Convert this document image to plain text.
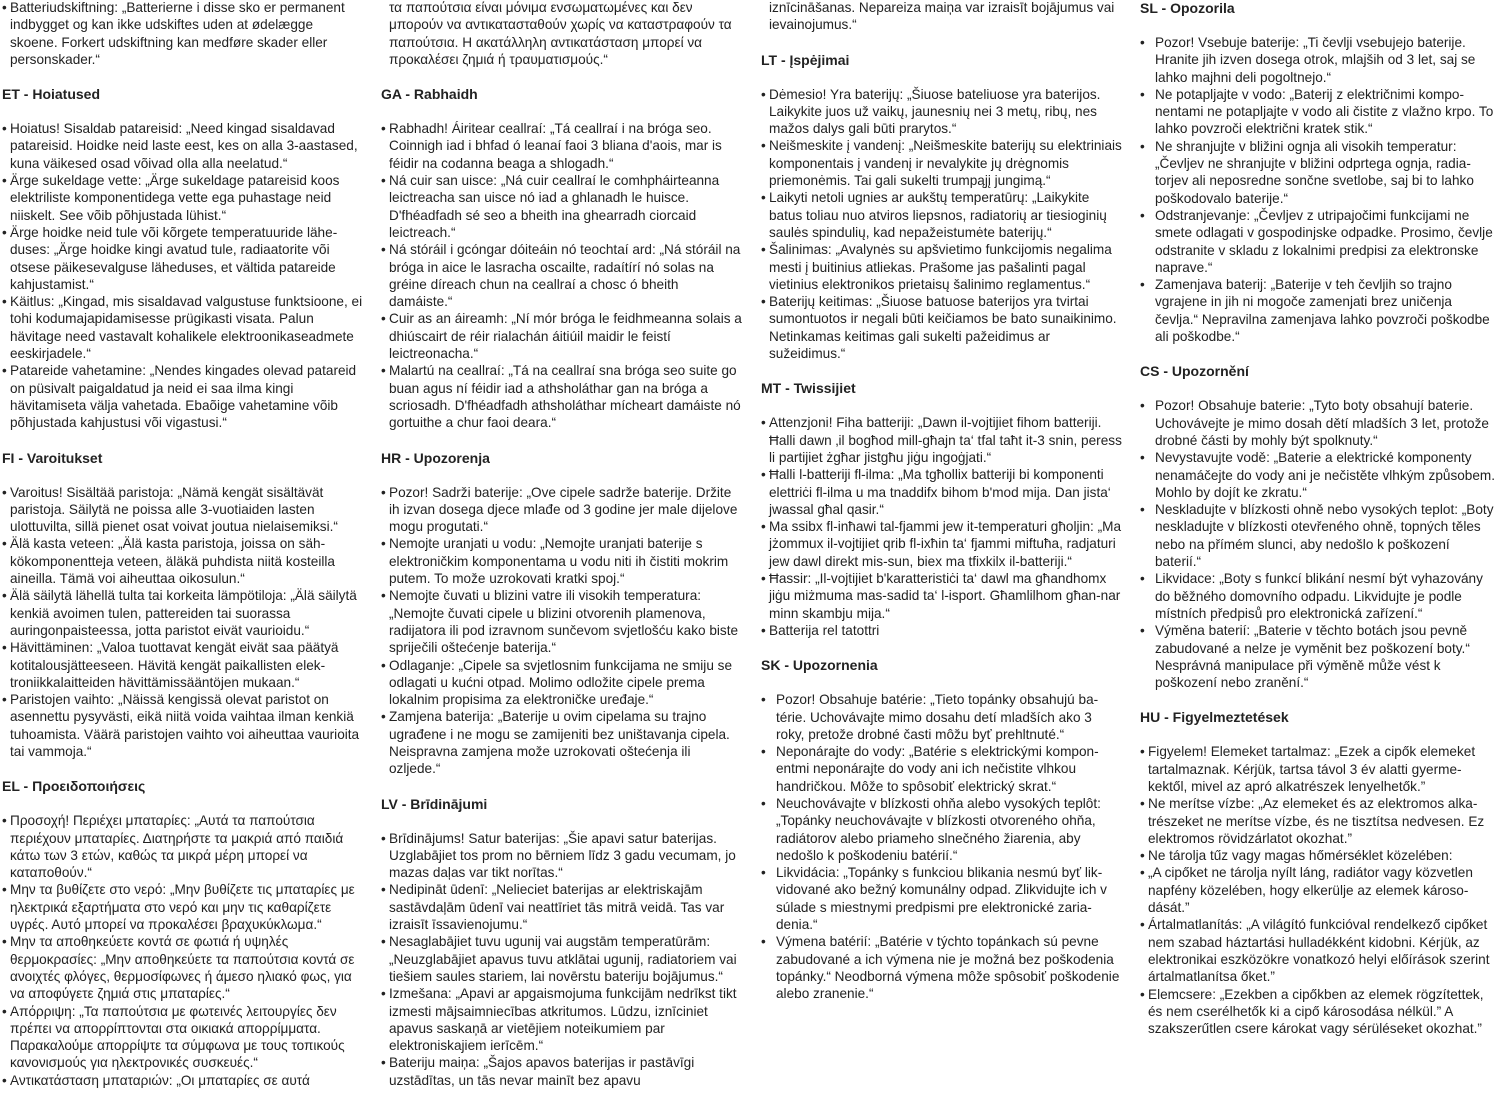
• Batteriudskiftning: „Batterierne i disse sko er permanent indbygget og kan ikke udskiftes uden at ødelægge skoene. Forkert udskiftning kan medføre skader eller personskader.“
ET - Hoiatused
• Hoiatus! Sisaldab patareisid: „Need kingad sisaldavad patareisid. Hoidke neid laste eest, kes on alla 3-aastased, kuna väikesed osad võivad olla alla neelatud.“
• Ärge sukeldage vette: „Ärge sukeldage patareisid koos elektriliste komponentidega vette ega puhastage neid niiskelt. See võib põhjustada lühist.“
• Ärge hoidke neid tule või kõrgete temperatuuride läheduses: „Ärge hoidke kingi avatud tule, radiaatorite või otsese päikesevalguse läheduses, et vältida patareide kahjustamist.“
• Käitlus: „Kingad, mis sisaldavad valgustuse funktsioone, ei tohi kodumajapidamisesse prügikasti visata. Palun hävitage need vastavalt kohalikele elektroonikaseadmete eeskirjadele.“
• Patareide vahetamine: „Nendes kingades olevad patareid on püsivalt paigaldatud ja neid ei saa ilma kingi hävitamiseta välja vahetada. Ebaõige vahetamine võib põhjustada kahjustusi või vigastusi.“
FI - Varoitukset
• Varoitus! Sisältää paristoja: „Nämä kengät sisältävät paristoja. Säilytä ne poissa alle 3-vuotiaiden lasten ulottuvilta, sillä pienet osat voivat joutua nielaisemiksi.“
• Älä kasta veteen: „Älä kasta paristoja, joissa on sähkökomponentteja veteen, äläkä puhdista niitä kosteilla aineilla. Tämä voi aiheuttaa oikosulun.“
• Älä säilytä lähellä tulta tai korkeita lämpötiloja: „Älä säilytä kenkiä avoimen tulen, pattereiden tai suorassa auringonpaisteessa, jotta paristot eivät vaurioidu.“
• Hävittäminen: „Valoa tuottavat kengät eivät saa päätyä kotitalousjätteeseen. Hävitä kengät paikallisten elektroniikkalaitteiden hävittämissääntöjen mukaan.“
• Paristojen vaihto: „Näissä kengissä olevat paristot on asennettu pysyvästi, eikä niitä voida vaihtaa ilman kenkiä tuhoamista. Väärä paristojen vaihto voi aiheuttaa vaurioita tai vammoja.“
EL - Προειδοποιήσεις
• Προσοχή! Περιέχει μπαταρίες: „Αυτά τα παπούτσια περιέχουν μπαταρίες. Διατηρήστε τα μακριά από παιδιά κάτω των 3 ετών, καθώς τα μικρά μέρη μπορεί να καταποθούν.“
• Μην τα βυθίζετε στο νερό: „Μην βυθίζετε τις μπαταρίες με ηλεκτρικά εξαρτήματα στο νερό και μην τις καθαρίζετε υγρές. Αυτό μπορεί να προκαλέσει βραχυκύκλωμα.“
• Μην τα αποθηκεύετε κοντά σε φωτιά ή υψηλές θερμοκρασίες: „Μην αποθηκεύετε τα παπούτσια κοντά σε ανοιχτές φλόγες, θερμοσίφωνες ή άμεσο ηλιακό φως, για να αποφύγετε ζημιά στις μπαταρίες.“
• Απόρριψη: „Τα παπούτσια με φωτεινές λειτουργίες δεν πρέπει να απορρίπτονται στα οικιακά απορρίμματα. Παρακαλούμε απορρίψτε τα σύμφωνα με τους τοπικούς κανονισμούς για ηλεκτρονικές συσκευές.“
• Αντικατάσταση μπαταριών: „Οι μπαταρίες σε αυτά
τα παπούτσια είναι μόνιμα ενσωματωμένες και δεν μπορούν να αντικατασταθούν χωρίς να καταστραφούν τα παπούτσια. Η ακατάλληλη αντικατάσταση μπορεί να προκαλέσει ζημιά ή τραυματισμούς.“
GA - Rabhaidh
• Rabhadh! Áiritear ceallraí: „Tá ceallraí i na bróga seo. Coinnigh iad i bhfad ó leanaí faoi 3 bliana d'aois, mar is féidir na codanna beaga a shlogadh.“
• Ná cuir san uisce: „Ná cuir ceallraí le comhpháirteanna leictreacha san uisce nó iad a ghlanadh le huisce. D'fhéadfadh sé seo a bheith ina ghearradh ciorcaid leictreach.“
• Ná stóráil i gcóngar dóiteáin nó teochtaí ard: „Ná stóráil na bróga in aice le lasracha oscailte, radaítírí nó solas na gréine díreach chun na ceallraí a chosc ó bheith damáiste.“
• Cuir as an áireamh: „Ní mór bróga le feidhmeanna solais a dhiúscairt de réir rialachán áitiúil maidir le feistí leictreonacha.“
• Malartú na ceallraí: „Tá na ceallraí sna bróga seo suite go buan agus ní féidir iad a athsholáthar gan na bróga a scriosadh. D'fhéadfadh athsholáthar mícheart damáiste nó gortuithe a chur faoi deara.“
HR - Upozorenja
• Pozor! Sadrži baterije: „Ove cipele sadrže baterije. Držite ih izvan dosega djece mlađe od 3 godine jer male dijelove mogu progutati.“
• Nemojte uranjati u vodu: „Nemojte uranjati baterije s elektroničkim komponentama u vodu niti ih čistiti mokrim putem. To može uzrokovati kratki spoj.“
• Nemojte čuvati u blizini vatre ili visokih temperatura: „Nemojte čuvati cipele u blizini otvorenih plamenova, radijatora ili pod izravnom sunčevom svjetlošću kako biste spriječili oštećenje baterija.“
• Odlaganje: „Cipele sa svjetlosnim funkcijama ne smiju se odlagati u kućni otpad. Molimo odložite cipele prema lokalnim propisima za elektroničke uređaje.“
• Zamjena baterija: „Baterije u ovim cipelama su trajno ugrađene i ne mogu se zamijeniti bez uništavanja cipela. Neispravna zamjena može uzrokovati oštećenja ili ozljede.“
LV - Brīdinājumi
• Brīdinājums! Satur baterijas: „Šie apavi satur baterijas. Uzglabājiet tos prom no bērniem līdz 3 gadu vecumam, jo mazas daļas var tikt norītas.“
• Nedipināt ūdenī: „Nelieciet baterijas ar elektriskajām sastāvdaļām ūdenī vai neattīriet tās mitrā veidā. Tas var izraisīt īssavienojumu.“
• Nesaglabājiet tuvu ugunij vai augstām temperatūrām: „Neuzglabājiet apavus tuvu atklātai ugunij, radiatoriem vai tiešiem saules stariem, lai novērstu bateriju bojājumus.“
• Izmešana: „Apavi ar apgaismojuma funkcijām nedrīkst tikt izmesti mājsaimniecības atkritumos. Lūdzu, iznīciniet apavus saskaņā ar vietējiem noteikumiem par elektroniskajiem ierīcēm.“
• Bateriju maiņa: „Šajos apavos baterijas ir pastāvīgi uzstādītas, un tās nevar mainīt bez apavu
iznīcināšanas. Nepareiza maiņa var izraisīt bojājumus vai ievainojumus.“
LT - Įspėjimai
• Dėmesio! Yra baterijų: „Šiuose bateliuose yra baterijos. Laikykite juos už vaikų, jaunesnių nei 3 metų, ribų, nes mažos dalys gali būti prarytos.“
• Neišmeskite į vandenį: „Neišmeskite baterijų su elektriniais komponentais į vandenį ir nevalykite jų drėgnomis priemonėmis. Tai gali sukelti trumpąjį jungimą.“
• Laikyti netoli ugnies ar aukštų temperatūrų: „Laikykite batus toliau nuo atviros liepsnos, radiatorių ar tiesioginių saulės spindulių, kad nepažeistumėte baterijų.“
• Šalinimas: „Avalynės su apšvietimo funkcijomis negalima mesti į buitinius atliekas. Prašome jas pašalinti pagal vietinius elektronikos prietaisų šalinimo reglamentus.“
• Baterijų keitimas: „Šiuose batuose baterijos yra tvirtai sumontuotos ir negali būti keičiamos be bato sunaikinimo. Netinkamas keitimas gali sukelti pažeidimus ar sužeidimus.“
MT - Twissijiet
• Attenzjoni! Fiha batteriji: „Dawn il-vojtijiet fihom batteriji. Ħalli dawn ‚il bogħod mill-għajn ta‘ tfal taħt it-3 snin, peress li partijiet żgħar jistgħu jiġu ingoġjati.“
• Ħalli l-batteriji fl-ilma: „Ma tgħollix batteriji bi komponenti elettriċi fl-ilma u ma tnaddifx bihom b'mod mija. Dan jista‘ jwassal għal qasir.“
• Ma ssibx fl-inħawi tal-fjammi jew it-temperaturi għoljin: „Ma jżommux il-vojtijiet qrib fl-ixħin ta‘ fjammi miftuħa, radjaturi jew dawl direkt mis-sun, biex ma tfixkilx il-batteriji.“
• Ħassir: „Il-vojtijiet b'karatteristiċi ta‘ dawl ma għandhomx jiġu miżmuma mas-sadid ta‘ l-isport. Għamlilhom għan-nar minn skambju mija.“
• Batterija rel tatottri
SK - Upozornenia
• Pozor! Obsahuje batérie: „Tieto topánky obsahujú batérie. Uchovávajte mimo dosahu detí mladších ako 3 roky, pretože drobné časti môžu byť prehltnuté.“
• Neponárajte do vody: „Batérie s elektrickými komponentmi neponárajte do vody ani ich nečistite vlhkou handričkou. Môže to spôsobiť elektrický skrat.“
• Neuchovávajte v blízkosti ohňa alebo vysokých teplôt: „Topánky neuchovávajte v blízkosti otvoreného ohňa, radiátorov alebo priameho slnečného žiarenia, aby nedošlo k poškodeniu batérií.“
• Likvidácia: „Topánky s funkciou blikania nesmú byť likvidované ako bežný komunálny odpad. Zlikvidujte ich v súlade s miestnymi predpismi pre elektronické zariadenia.“
• Výmena batérií: „Batérie v týchto topánkach sú pevne zabudované a ich výmena nie je možná bez poškodenia topánky.“ Neodborná výmena môže spôsobiť poškodenie alebo zranenie.“
SL - Opozorila
• Pozor! Vsebuje baterije: „Ti čevlji vsebujejo baterije. Hranite jih izven dosega otrok, mlajših od 3 let, saj se lahko majhni deli pogoltnejo.“
• Ne potapljajte v vodo: „Baterij z električnimi komponentami ne potapljajte v vodo ali čistite z vlažno krpo. To lahko povzroči električni kratek stik.“
• Ne shranjujte v bližini ognja ali visokih temperatur: „Čevljev ne shranjujte v bližini odprtega ognja, radiatorjev ali neposredne sončne svetlobe, saj bi to lahko poškodovalo baterije.“
• Odstranjevanje: „Čevljev z utripajočimi funkcijami ne smete odlagati v gospodinjske odpadke. Prosimo, čevlje odstranite v skladu z lokalnimi predpisi za elektronske naprave.“
• Zamenjava baterij: „Baterije v teh čevljih so trajno vgrajene in jih ni mogoče zamenjati brez uničenja čevlja.“ Nepravilna zamenjava lahko povzroči poškodbe ali poškodbe.“
CS - Upozornění
• Pozor! Obsahuje baterie: „Tyto boty obsahují baterie. Uchovávejte je mimo dosah dětí mladších 3 let, protože drobné části by mohly být spolknuty.“
• Nevystavujte vodě: „Baterie a elektrické komponenty nenamáčejte do vody ani je nečistěte vlhkým způsobem. Mohlo by dojít ke zkratu.“
• Neskladujte v blízkosti ohně nebo vysokých teplot: „Boty neskladujte v blízkosti otevřeného ohně, topných těles nebo na přímém slunci, aby nedošlo k poškození baterií.“
• Likvidace: „Boty s funkcí blikání nesmí být vyhazovány do běžného domovního odpadu. Likvidujte je podle místních předpisů pro elektronická zařízení.“
• Výměna baterií: „Baterie v těchto botách jsou pevně zabudované a nelze je vyměnit bez poškození boty.“ Nesprávná manipulace při výměně může vést k poškození nebo zranění.“
HU - Figyelmeztetések
• Figyelem! Elemeket tartalmaz: „Ezek a cipők elemeket tartalmaznak. Kérjük, tartsa távol 3 év alatti gyermekektől, mivel az apró alkatrészek lenyelhetők.”
• Ne merítse vízbe: „Az elemeket és az elektromos alkatrészeket ne merítse vízbe, és ne tisztítsa nedvesen. Ez elektromos rövidzárlatot okozhat.”
• Ne tárolja tűz vagy magas hőmérséklet közelében:
• „A cipőket ne tárolja nyílt láng, radiátor vagy közvetlen napfény közelében, hogy elkerülje az elemek károsodását.”
• Ártalmatlanítás: „A világító funkcióval rendelkező cipőket nem szabad háztartási hulladékként kidobni. Kérjük, az elektronikai eszközökre vonatkozó helyi előírások szerint ártalmatlanítsa őket.”
• Elemcsere: „Ezekben a cipőkben az elemek rögzítettek, és nem cserélhetők ki a cipő károsodása nélkül.” A szakszerűtlen csere károkat vagy sérüléseket okozhat.”
